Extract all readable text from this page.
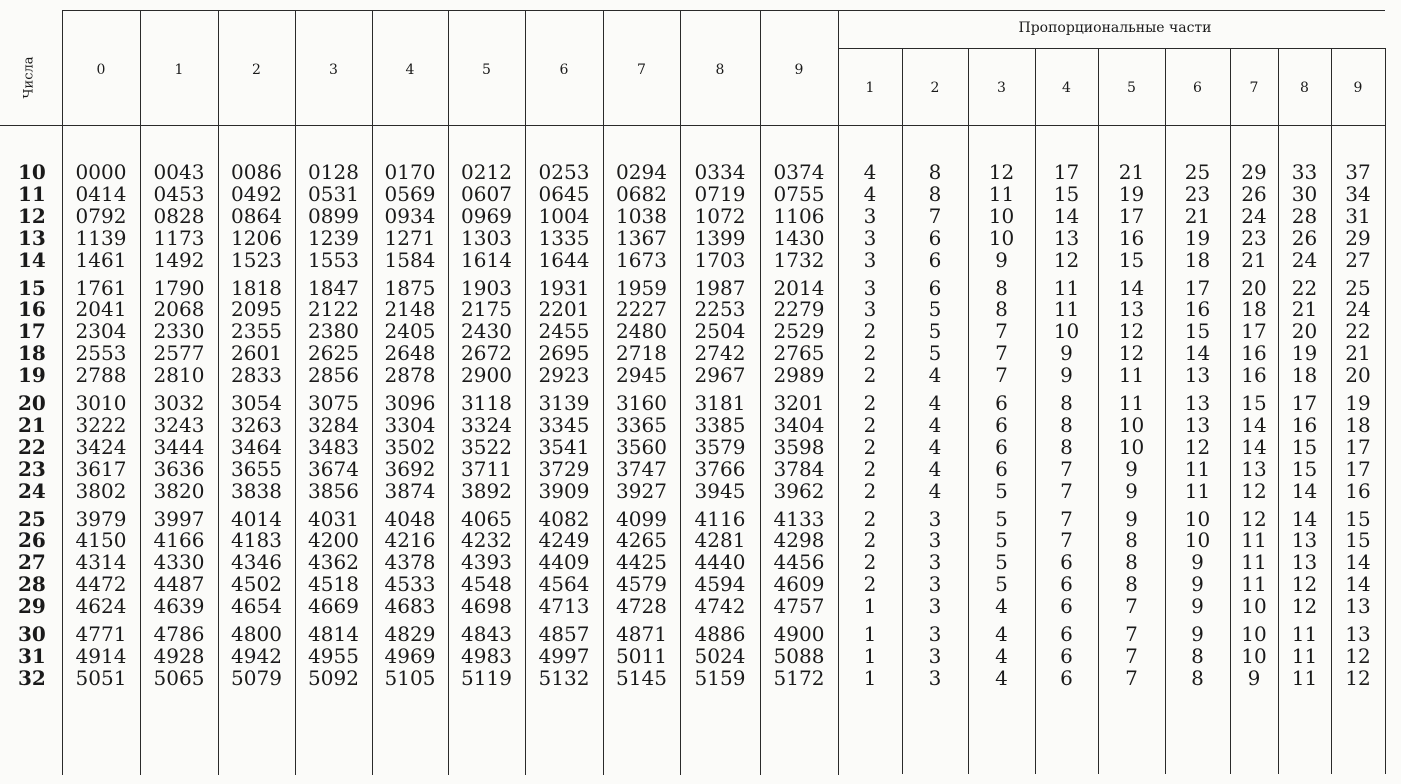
Числа
Пропорциональные части
0	1	2	3	4	5	6	7	8	9
1	2	3	4	5	6	7	8	9
10	0000	0043	0086	0128	0170	0212	0253	0294	0334	0374	4	8	12	17	21	25	29	33	37
11	0414	0453	0492	0531	0569	0607	0645	0682	0719	0755	4	8	11	15	19	23	26	30	34
12	0792	0828	0864	0899	0934	0969	1004	1038	1072	1106	3	7	10	14	17	21	24	28	31
13	1139	1173	1206	1239	1271	1303	1335	1367	1399	1430	3	6	10	13	16	19	23	26	29
14	1461	1492	1523	1553	1584	1614	1644	1673	1703	1732	3	6	9	12	15	18	21	24	27
15	1761	1790	1818	1847	1875	1903	1931	1959	1987	2014	3	6	8	11	14	17	20	22	25
16	2041	2068	2095	2122	2148	2175	2201	2227	2253	2279	3	5	8	11	13	16	18	21	24
17	2304	2330	2355	2380	2405	2430	2455	2480	2504	2529	2	5	7	10	12	15	17	20	22
18	2553	2577	2601	2625	2648	2672	2695	2718	2742	2765	2	5	7	9	12	14	16	19	21
19	2788	2810	2833	2856	2878	2900	2923	2945	2967	2989	2	4	7	9	11	13	16	18	20
20	3010	3032	3054	3075	3096	3118	3139	3160	3181	3201	2	4	6	8	11	13	15	17	19
21	3222	3243	3263	3284	3304	3324	3345	3365	3385	3404	2	4	6	8	10	13	14	16	18
22	3424	3444	3464	3483	3502	3522	3541	3560	3579	3598	2	4	6	8	10	12	14	15	17
23	3617	3636	3655	3674	3692	3711	3729	3747	3766	3784	2	4	6	7	9	11	13	15	17
24	3802	3820	3838	3856	3874	3892	3909	3927	3945	3962	2	4	5	7	9	11	12	14	16
25	3979	3997	4014	4031	4048	4065	4082	4099	4116	4133	2	3	5	7	9	10	12	14	15
26	4150	4166	4183	4200	4216	4232	4249	4265	4281	4298	2	3	5	7	8	10	11	13	15
27	4314	4330	4346	4362	4378	4393	4409	4425	4440	4456	2	3	5	6	8	9	11	13	14
28	4472	4487	4502	4518	4533	4548	4564	4579	4594	4609	2	3	5	6	8	9	11	12	14
29	4624	4639	4654	4669	4683	4698	4713	4728	4742	4757	1	3	4	6	7	9	10	12	13
30	4771	4786	4800	4814	4829	4843	4857	4871	4886	4900	1	3	4	6	7	9	10	11	13
31	4914	4928	4942	4955	4969	4983	4997	5011	5024	5088	1	3	4	6	7	8	10	11	12
32	5051	5065	5079	5092	5105	5119	5132	5145	5159	5172	1	3	4	6	7	8	9	11	12
